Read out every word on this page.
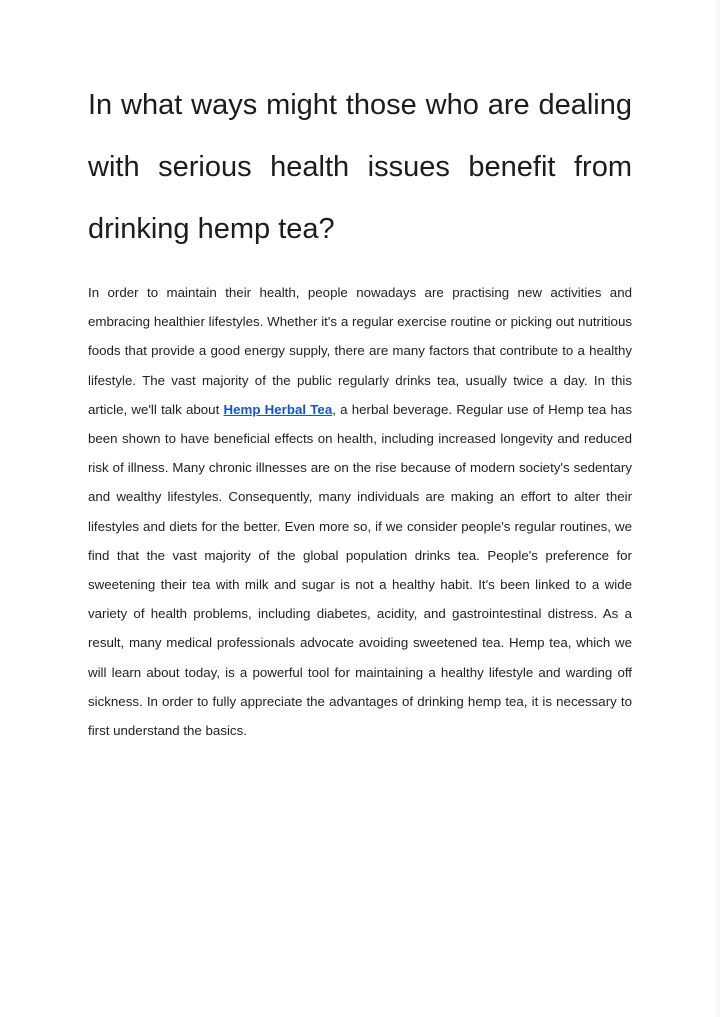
In what ways might those who are dealing with serious health issues benefit from drinking hemp tea?

In order to maintain their health, people nowadays are practising new activities and embracing healthier lifestyles. Whether it's a regular exercise routine or picking out nutritious foods that provide a good energy supply, there are many factors that contribute to a healthy lifestyle. The vast majority of the public regularly drinks tea, usually twice a day. In this article, we'll talk about Hemp Herbal Tea, a herbal beverage. Regular use of Hemp tea has been shown to have beneficial effects on health, including increased longevity and reduced risk of illness. Many chronic illnesses are on the rise because of modern society's sedentary and wealthy lifestyles. Consequently, many individuals are making an effort to alter their lifestyles and diets for the better. Even more so, if we consider people's regular routines, we find that the vast majority of the global population drinks tea. People's preference for sweetening their tea with milk and sugar is not a healthy habit. It's been linked to a wide variety of health problems, including diabetes, acidity, and gastrointestinal distress. As a result, many medical professionals advocate avoiding sweetened tea. Hemp tea, which we will learn about today, is a powerful tool for maintaining a healthy lifestyle and warding off sickness. In order to fully appreciate the advantages of drinking hemp tea, it is necessary to first understand the basics.
